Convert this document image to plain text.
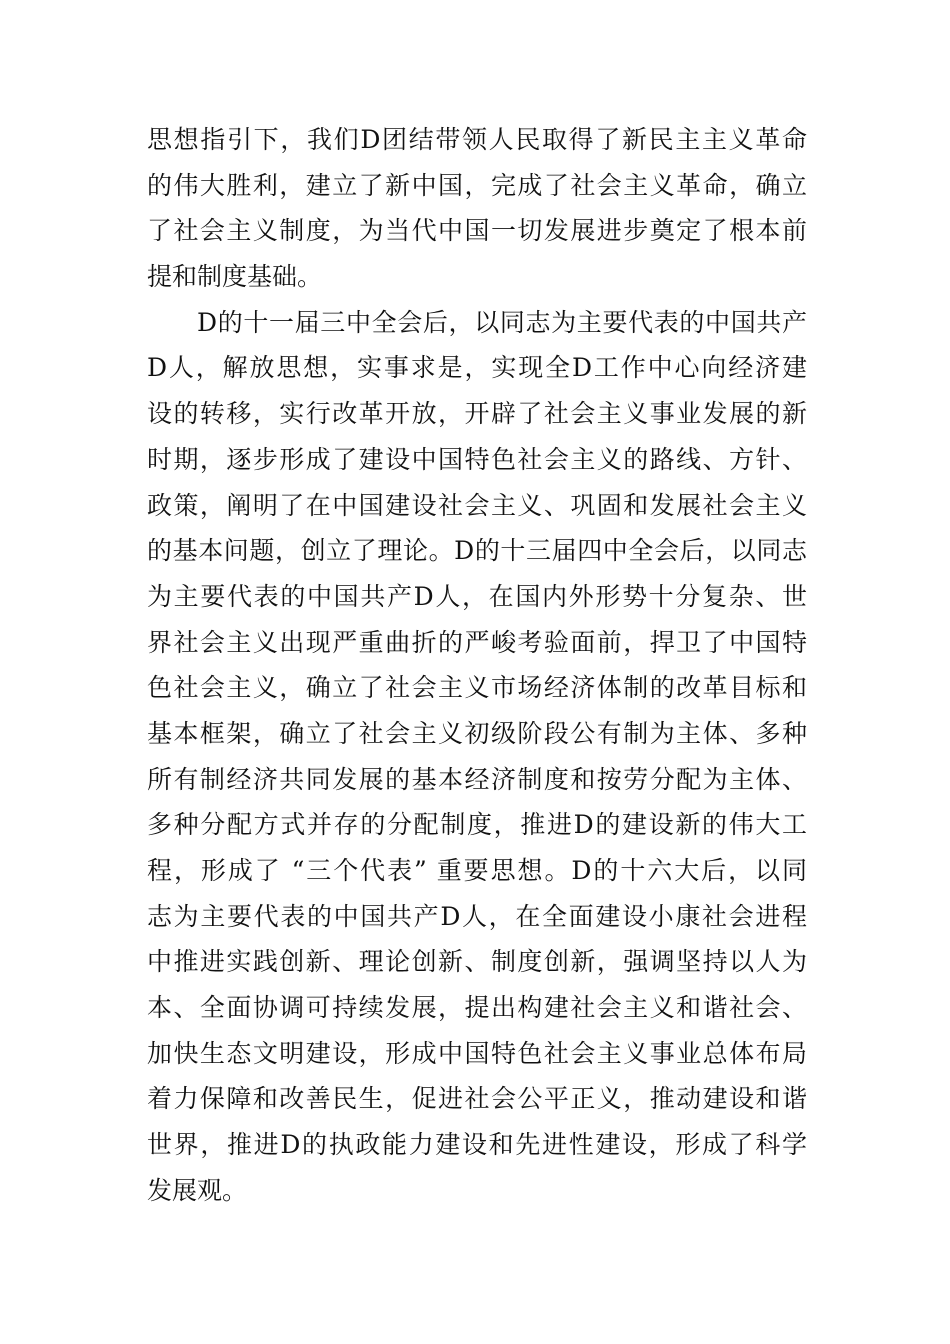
思想指引下，我们D团结带领人民取得了新民主主义革命
的伟大胜利，建立了新中国，完成了社会主义革命，确立
了社会主义制度，为当代中国一切发展进步奠定了根本前
提和制度基础。
D的十一届三中全会后，以同志为主要代表的中国共产
D人，解放思想，实事求是，实现全D工作中心向经济建
设的转移，实行改革开放，开辟了社会主义事业发展的新
时期，逐步形成了建设中国特色社会主义的路线、方针、
政策，阐明了在中国建设社会主义、巩固和发展社会主义
的基本问题，创立了理论。D的十三届四中全会后，以同志
为主要代表的中国共产D人，在国内外形势十分复杂、世
界社会主义出现严重曲折的严峻考验面前，捍卫了中国特
色社会主义，确立了社会主义市场经济体制的改革目标和
基本框架，确立了社会主义初级阶段公有制为主体、多种
所有制经济共同发展的基本经济制度和按劳分配为主体、
多种分配方式并存的分配制度，推进D的建设新的伟大工
程，形成了 “三个代表” 重要思想。D的十六大后，以同
志为主要代表的中国共产D人，在全面建设小康社会进程
中推进实践创新、理论创新、制度创新，强调坚持以人为
本、全面协调可持续发展，提出构建社会主义和谐社会、
加快生态文明建设，形成中国特色社会主义事业总体布局
着力保障和改善民生，促进社会公平正义，推动建设和谐
世界，推进D的执政能力建设和先进性建设，形成了科学
发展观。
